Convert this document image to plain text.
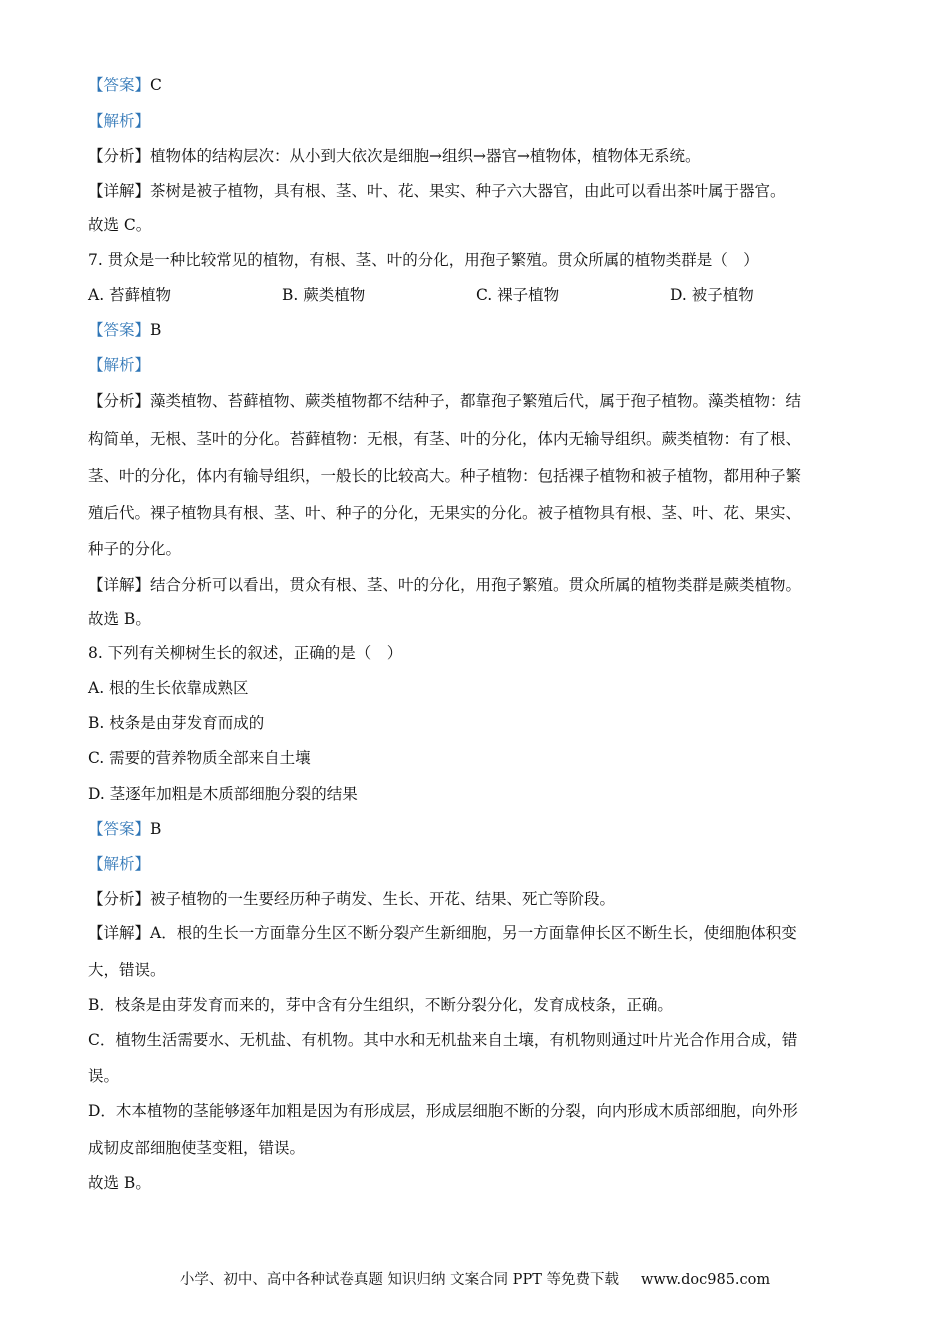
【答案】C
【解析】
【分析】植物体的结构层次：从小到大依次是细胞→组织→器官→植物体，植物体无系统。
【详解】茶树是被子植物，具有根、茎、叶、花、果实、种子六大器官，由此可以看出茶叶属于器官。
故选 C。
7. 贯众是一种比较常见的植物，有根、茎、叶的分化，用孢子繁殖。贯众所属的植物类群是（　）
A. 苔藓植物	B. 蕨类植物	C. 裸子植物	D. 被子植物
【答案】B
【解析】
【分析】藻类植物、苔藓植物、蕨类植物都不结种子，都靠孢子繁殖后代，属于孢子植物。藻类植物：结
构简单，无根、茎叶的分化。苔藓植物：无根，有茎、叶的分化，体内无输导组织。蕨类植物：有了根、
茎、叶的分化，体内有输导组织，一般长的比较高大。种子植物：包括裸子植物和被子植物，都用种子繁
殖后代。裸子植物具有根、茎、叶、种子的分化，无果实的分化。被子植物具有根、茎、叶、花、果实、
种子的分化。
【详解】结合分析可以看出，贯众有根、茎、叶的分化，用孢子繁殖。贯众所属的植物类群是蕨类植物。
故选 B。
8. 下列有关柳树生长的叙述，正确的是（　）
A. 根的生长依靠成熟区
B. 枝条是由芽发育而成的
C. 需要的营养物质全部来自土壤
D. 茎逐年加粗是木质部细胞分裂的结果
【答案】B
【解析】
【分析】被子植物的一生要经历种子萌发、生长、开花、结果、死亡等阶段。
【详解】A．根的生长一方面靠分生区不断分裂产生新细胞，另一方面靠伸长区不断生长，使细胞体积变
大，错误。
B．枝条是由芽发育而来的，芽中含有分生组织，不断分裂分化，发育成枝条，正确。
C．植物生活需要水、无机盐、有机物。其中水和无机盐来自土壤，有机物则通过叶片光合作用合成，错
误。
D．木本植物的茎能够逐年加粗是因为有形成层，形成层细胞不断的分裂，向内形成木质部细胞，向外形
成韧皮部细胞使茎变粗，错误。
故选 B。
小学、初中、高中各种试卷真题 知识归纳 文案合同 PPT 等免费下载 www.doc985.com
